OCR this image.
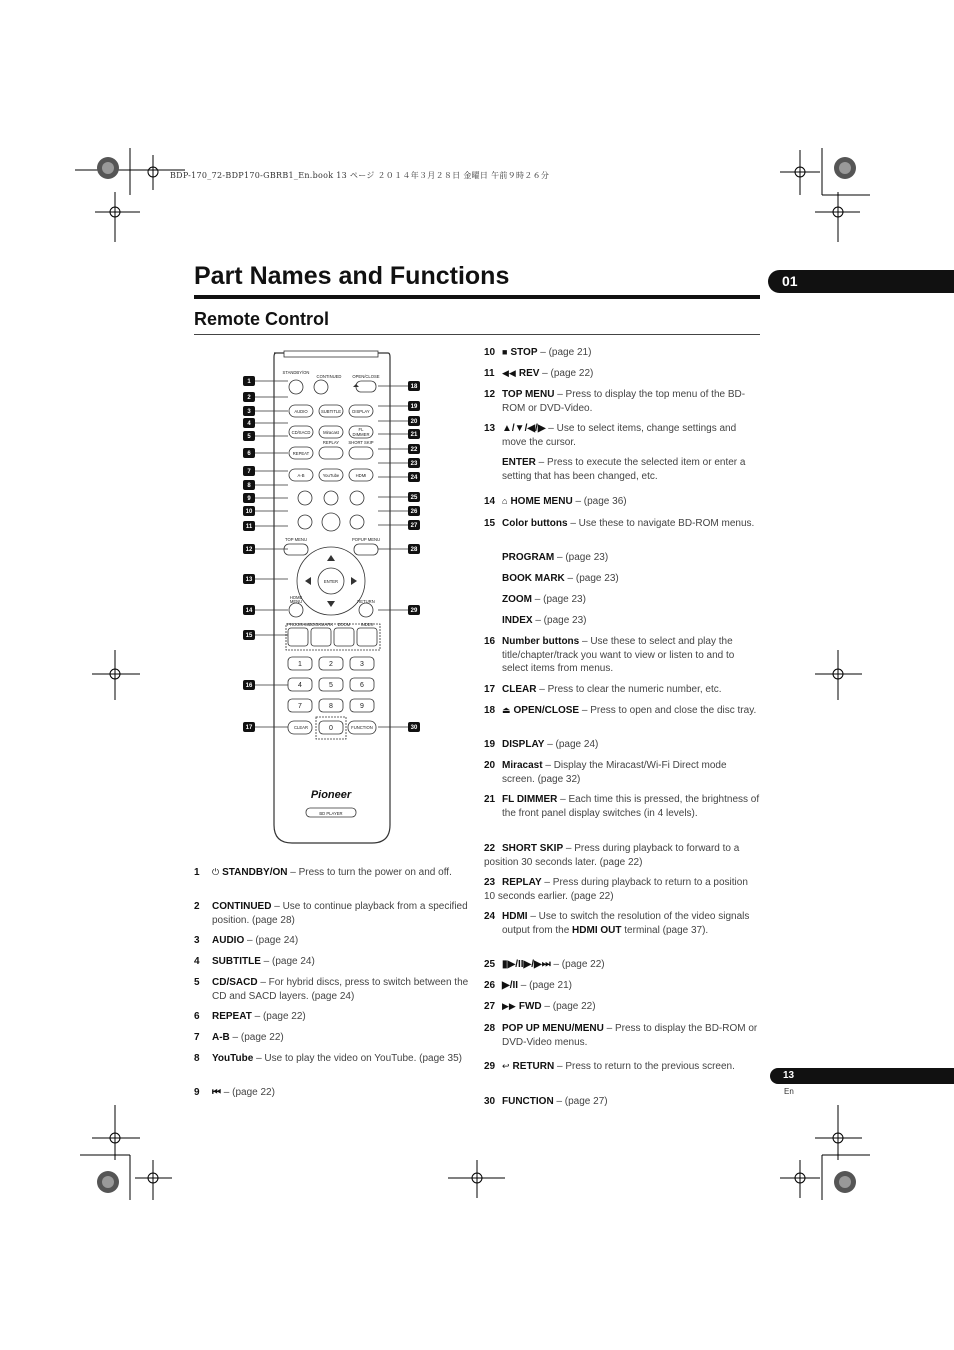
BDP-170_72-BDP170-GBRB1_En.book 13 ページ ２０１４年３月２８日 金曜日 午前９時２６分
Part Names and Functions	01
Remote Control
STANDBY/ON
CONTINUED	OPEN/CLOSE
AUDIO	SUBTITLE	DISPLAY
CD/SACD	Miracast
FL
DIMMER
REPLAY SHORT SKIP
REPEAT
A-B	YouTube	HDMI
TOP MENU	POPUP MENU
ENTER
HOME
MENU	RETURN
PROGRAM BOOKMARK ZOOM INDEX
CLEAR	FUNCTION
BD PLAYER
1	2	3
4	5	6
7	8	9
0
Pioneer
1
2
3
4
5
6
7
8
9
10
11
12
13
14
15
16
17
18
19
20
21
22
23
24
25
26
27
28
29
30
1	⏻ STANDBY/ON – Press to turn the power on and off.
2	CONTINUED – Use to continue playback from a specified position. (page 28)
3	AUDIO – (page 24)
4	SUBTITLE – (page 24)
5	CD/SACD – For hybrid discs, press to switch between the CD and SACD layers. (page 24)
6	REPEAT – (page 22)
7	A-B – (page 22)
8	YouTube – Use to play the video on YouTube. (page 35)
9	⏮ – (page 22)
10 ■ STOP – (page 21)
11 ◀◀ REV – (page 22)
12 TOP MENU – Press to display the top menu of the BD-ROM or DVD-Video.
13 ▲/▼/◀/▶ – Use to select items, change settings and move the cursor.
ENTER – Press to execute the selected item or enter a setting that has been changed, etc.
14 ⌂ HOME MENU – (page 36)
15 Color buttons – Use these to navigate BD-ROM menus.
PROGRAM – (page 23)
BOOK MARK – (page 23)
ZOOM – (page 23)
INDEX – (page 23)
16 Number buttons – Use these to select and play the title/chapter/track you want to view or listen to and to select items from menus.
17 CLEAR – Press to clear the numeric number, etc.
18 ⏏ OPEN/CLOSE – Press to open and close the disc tray.
19 DISPLAY – (page 24)
20 Miracast – Display the Miracast/Wi-Fi Direct mode screen. (page 32)
21 FL DIMMER – Each time this is pressed, the brightness of the front panel display switches (in 4 levels).
22 SHORT SKIP – Press during playback to forward to a position 30 seconds later. (page 22)
23 REPLAY – Press during playback to return to a position 10 seconds earlier. (page 22)
24 HDMI – Use to switch the resolution of the video signals output from the HDMI OUT terminal (page 37).
25 ▮▶/II▶/▶⏭ – (page 22)
26 ▶/II – (page 21)
27 ▶▶ FWD – (page 22)
28 POP UP MENU/MENU – Press to display the BD-ROM or DVD-Video menus.
29 ↩ RETURN – Press to return to the previous screen.
30 FUNCTION – (page 27)
13
En
